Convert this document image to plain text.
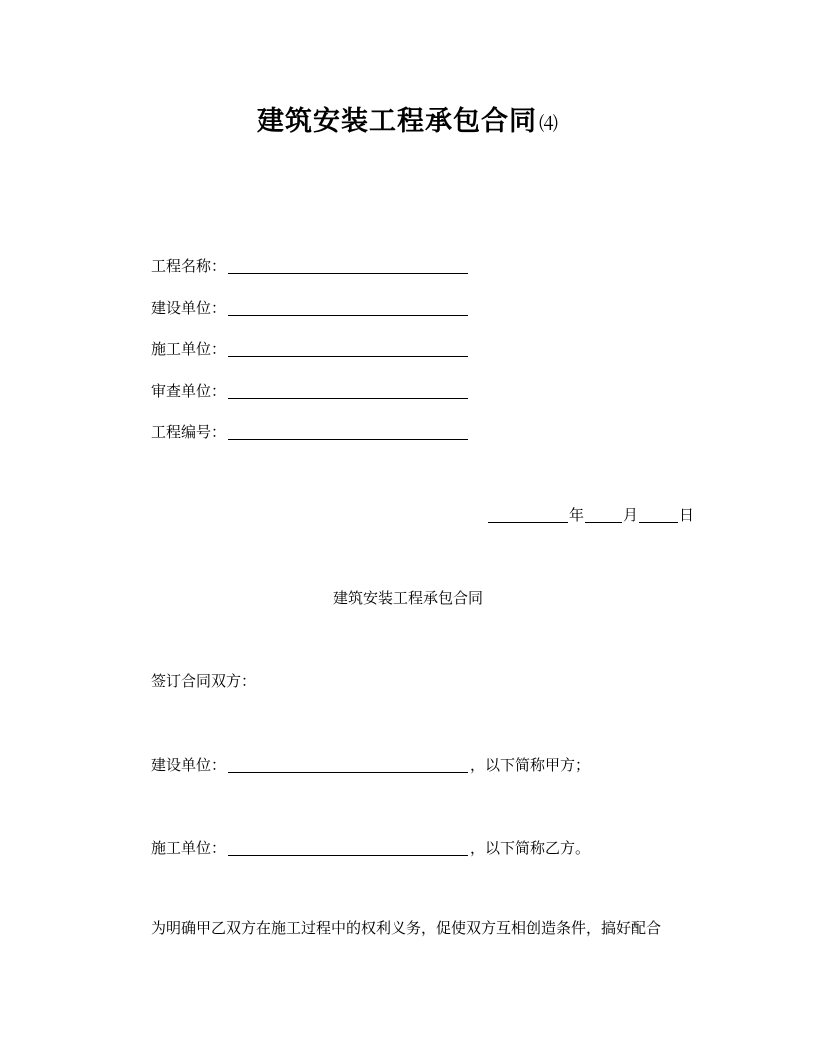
建筑安装工程承包合同 ⑷
工程名称：
建设单位：
施工单位：
审查单位：
工程编号：
年	月	日
建筑安装工程承包合同
签订合同双方：
建设单位：	，以下简称甲方；
施工单位：	，以下简称乙方。
为明确甲乙双方在施工过程中的权利义务，促使双方互相创造条件，搞好配合
